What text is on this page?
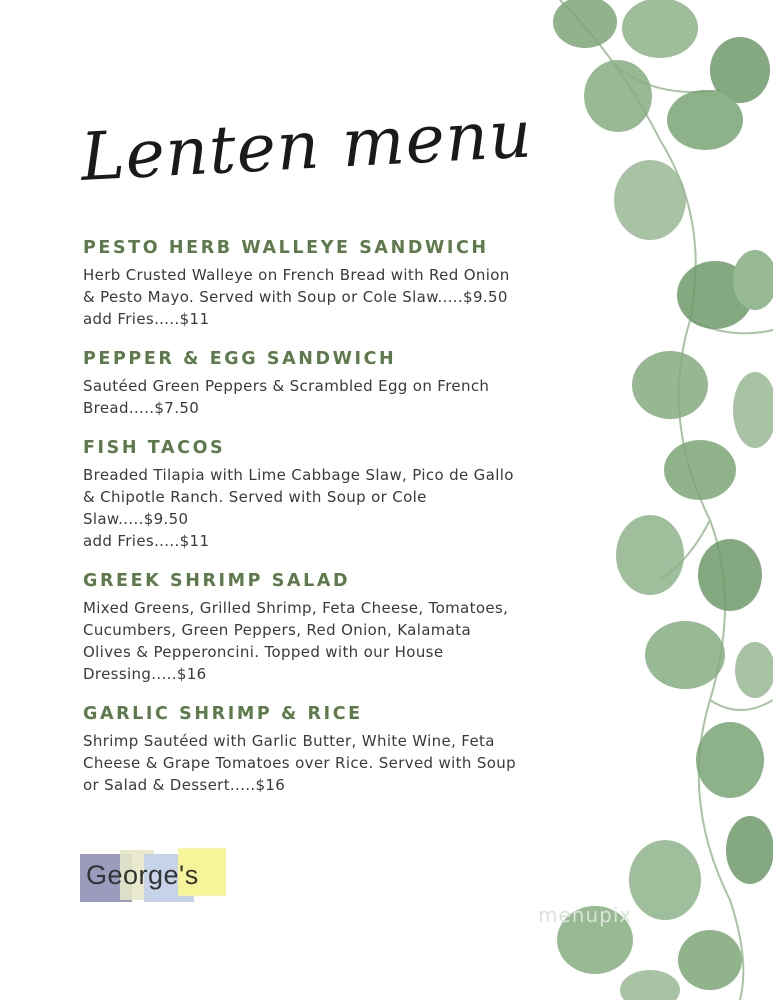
Lenten menu
PESTO HERB WALLEYE SANDWICH

Herb Crusted Walleye on French Bread with Red Onion
& Pesto Mayo. Served with Soup or Cole Slaw.....$9.50
add Fries.....$11

PEPPER & EGG SANDWICH

Sautéed Green Peppers & Scrambled Egg on French
Bread.....$7.50

FISH TACOS

Breaded Tilapia with Lime Cabbage Slaw, Pico de Gallo
& Chipotle Ranch. Served with Soup or Cole
Slaw.....$9.50
add Fries.....$11

GREEK SHRIMP SALAD

Mixed Greens, Grilled Shrimp, Feta Cheese, Tomatoes,
Cucumbers, Green Peppers, Red Onion, Kalamata
Olives & Pepperoncini. Topped with our House
Dressing.....$16

GARLIC SHRIMP & RICE

Shrimp Sautéed with Garlic Butter, White Wine, Feta
Cheese & Grape Tomatoes over Rice. Served with Soup
or Salad & Dessert.....$16

George's
menupix
